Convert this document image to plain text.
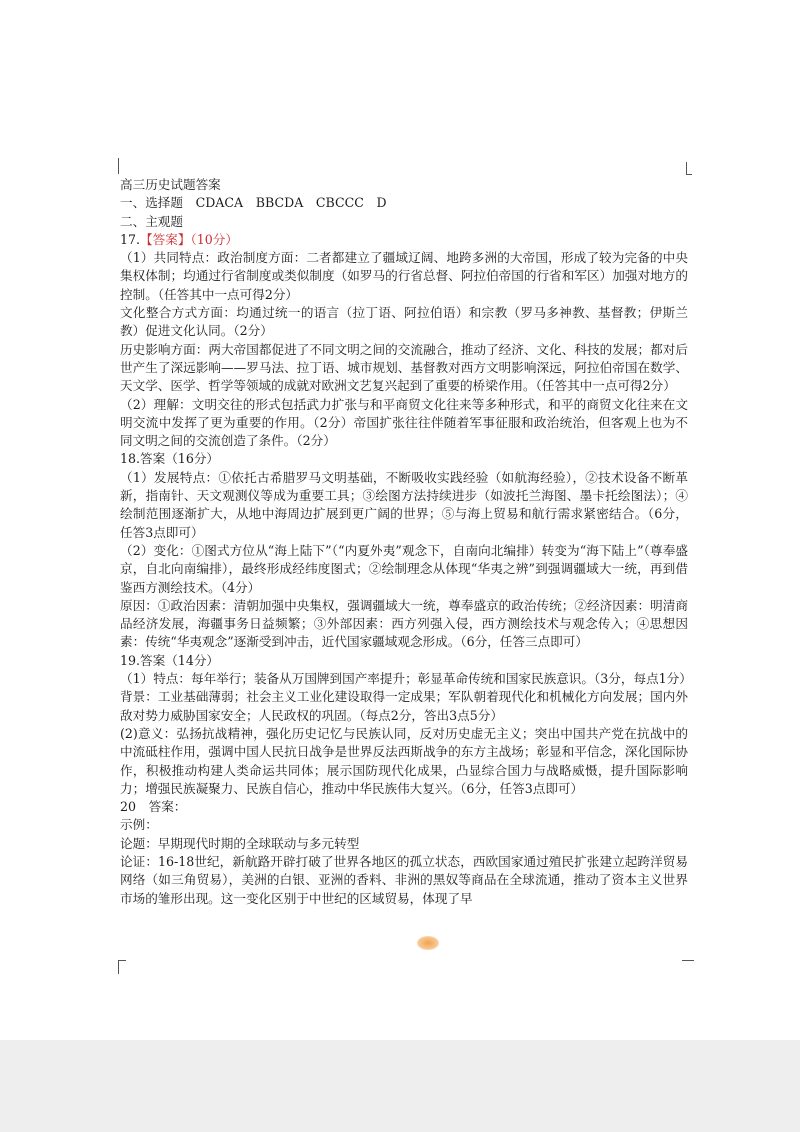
高三历史试题答案
一、选择题　CDACA　BBCDA　CBCCC　D
二、主观题
17.【答案】（10分）
（1）共同特点：政治制度方面：二者都建立了疆域辽阔、地跨多洲的大帝国，形成了较为完备的中央集权体制；均通过行省制度或类似制度（如罗马的行省总督、阿拉伯帝国的行省和军区）加强对地方的控制。（任答其中一点可得2分）
文化整合方式方面：均通过统一的语言（拉丁语、阿拉伯语）和宗教（罗马多神教、基督教；伊斯兰教）促进文化认同。（2分）
历史影响方面：两大帝国都促进了不同文明之间的交流融合，推动了经济、文化、科技的发展；都对后世产生了深远影响——罗马法、拉丁语、城市规划、基督教对西方文明影响深远，阿拉伯帝国在数学、天文学、医学、哲学等领域的成就对欧洲文艺复兴起到了重要的桥梁作用。（任答其中一点可得2分）
（2）理解：文明交往的形式包括武力扩张与和平商贸文化往来等多种形式，和平的商贸文化往来在文明交流中发挥了更为重要的作用。（2分）帝国扩张往往伴随着军事征服和政治统治，但客观上也为不同文明之间的交流创造了条件。（2分）
18.答案（16分）
（1）发展特点：①依托古希腊罗马文明基础，不断吸收实践经验（如航海经验），②技术设备不断革新，指南针、天文观测仪等成为重要工具；③绘图方法持续进步（如波托兰海图、墨卡托绘图法）；④绘制范围逐渐扩大，从地中海周边扩展到更广阔的世界；⑤与海上贸易和航行需求紧密结合。（6分，任答3点即可）
（2）变化：①图式方位从“海上陆下”（“内夏外夷”观念下，自南向北编排）转变为“海下陆上”（尊奉盛京，自北向南编排），最终形成经纬度图式；②绘制理念从体现“华夷之辨”到强调疆域大一统，再到借鉴西方测绘技术。（4分）
原因：①政治因素：清朝加强中央集权，强调疆域大一统，尊奉盛京的政治传统；②经济因素：明清商品经济发展，海疆事务日益频繁；③外部因素：西方列强入侵，西方测绘技术与观念传入；④思想因素：传统“华夷观念”逐渐受到冲击，近代国家疆域观念形成。（6分，任答三点即可）
19.答案（14分）
（1）特点：每年举行；装备从万国牌到国产率提升；彰显革命传统和国家民族意识。（3分，每点1分）
背景：工业基础薄弱；社会主义工业化建设取得一定成果；军队朝着现代化和机械化方向发展；国内外敌对势力威胁国家安全；人民政权的巩固。（每点2分，答出3点5分）
(2)意义：弘扬抗战精神，强化历史记忆与民族认同，反对历史虚无主义；突出中国共产党在抗战中的中流砥柱作用，强调中国人民抗日战争是世界反法西斯战争的东方主战场；彰显和平信念，深化国际协作，积极推动构建人类命运共同体；展示国防现代化成果，凸显综合国力与战略威慑，提升国际影响力；增强民族凝聚力、民族自信心，推动中华民族伟大复兴。（6分，任答3点即可）
20　答案：
示例：
论题：早期现代时期的全球联动与多元转型
论证：16-18世纪，新航路开辟打破了世界各地区的孤立状态，西欧国家通过殖民扩张建立起跨洋贸易网络（如三角贸易），美洲的白银、亚洲的香料、非洲的黑奴等商品在全球流通，推动了资本主义世界市场的雏形出现。这一变化区别于中世纪的区域贸易，体现了早
